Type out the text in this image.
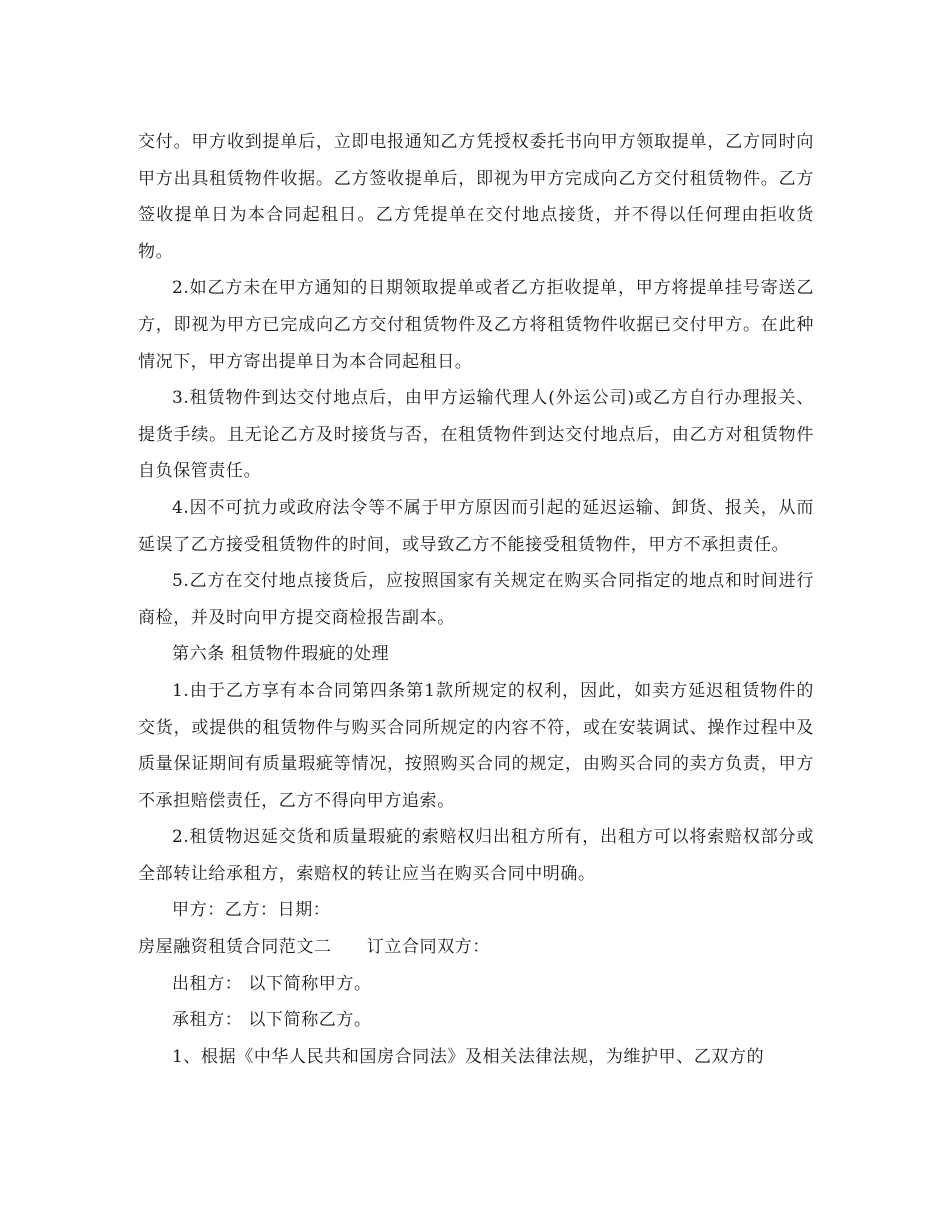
交付。甲方收到提单后，立即电报通知乙方凭授权委托书向甲方领取提单，乙方同时向甲方出具租赁物件收据。乙方签收提单后，即视为甲方完成向乙方交付租赁物件。乙方签收提单日为本合同起租日。乙方凭提单在交付地点接货，并不得以任何理由拒收货物。

2.如乙方未在甲方通知的日期领取提单或者乙方拒收提单，甲方将提单挂号寄送乙方，即视为甲方已完成向乙方交付租赁物件及乙方将租赁物件收据已交付甲方。在此种情况下，甲方寄出提单日为本合同起租日。

3.租赁物件到达交付地点后，由甲方运输代理人(外运公司)或乙方自行办理报关、提货手续。且无论乙方及时接货与否，在租赁物件到达交付地点后，由乙方对租赁物件自负保管责任。

4.因不可抗力或政府法令等不属于甲方原因而引起的延迟运输、卸货、报关，从而延误了乙方接受租赁物件的时间，或导致乙方不能接受租赁物件，甲方不承担责任。

5.乙方在交付地点接货后，应按照国家有关规定在购买合同指定的地点和时间进行商检，并及时向甲方提交商检报告副本。

第六条 租赁物件瑕疵的处理

1.由于乙方享有本合同第四条第1款所规定的权利，因此，如卖方延迟租赁物件的交货，或提供的租赁物件与购买合同所规定的内容不符，或在安装调试、操作过程中及质量保证期间有质量瑕疵等情况，按照购买合同的规定，由购买合同的卖方负责，甲方不承担赔偿责任，乙方不得向甲方追索。

2.租赁物迟延交货和质量瑕疵的索赔权归出租方所有，出租方可以将索赔权部分或全部转让给承租方，索赔权的转让应当在购买合同中明确。

甲方：乙方：日期：

房屋融资租赁合同范文二　　订立合同双方：

出租方： 以下简称甲方。

承租方： 以下简称乙方。

1、根据《中华人民共和国房合同法》及相关法律法规，为维护甲、乙双方的
